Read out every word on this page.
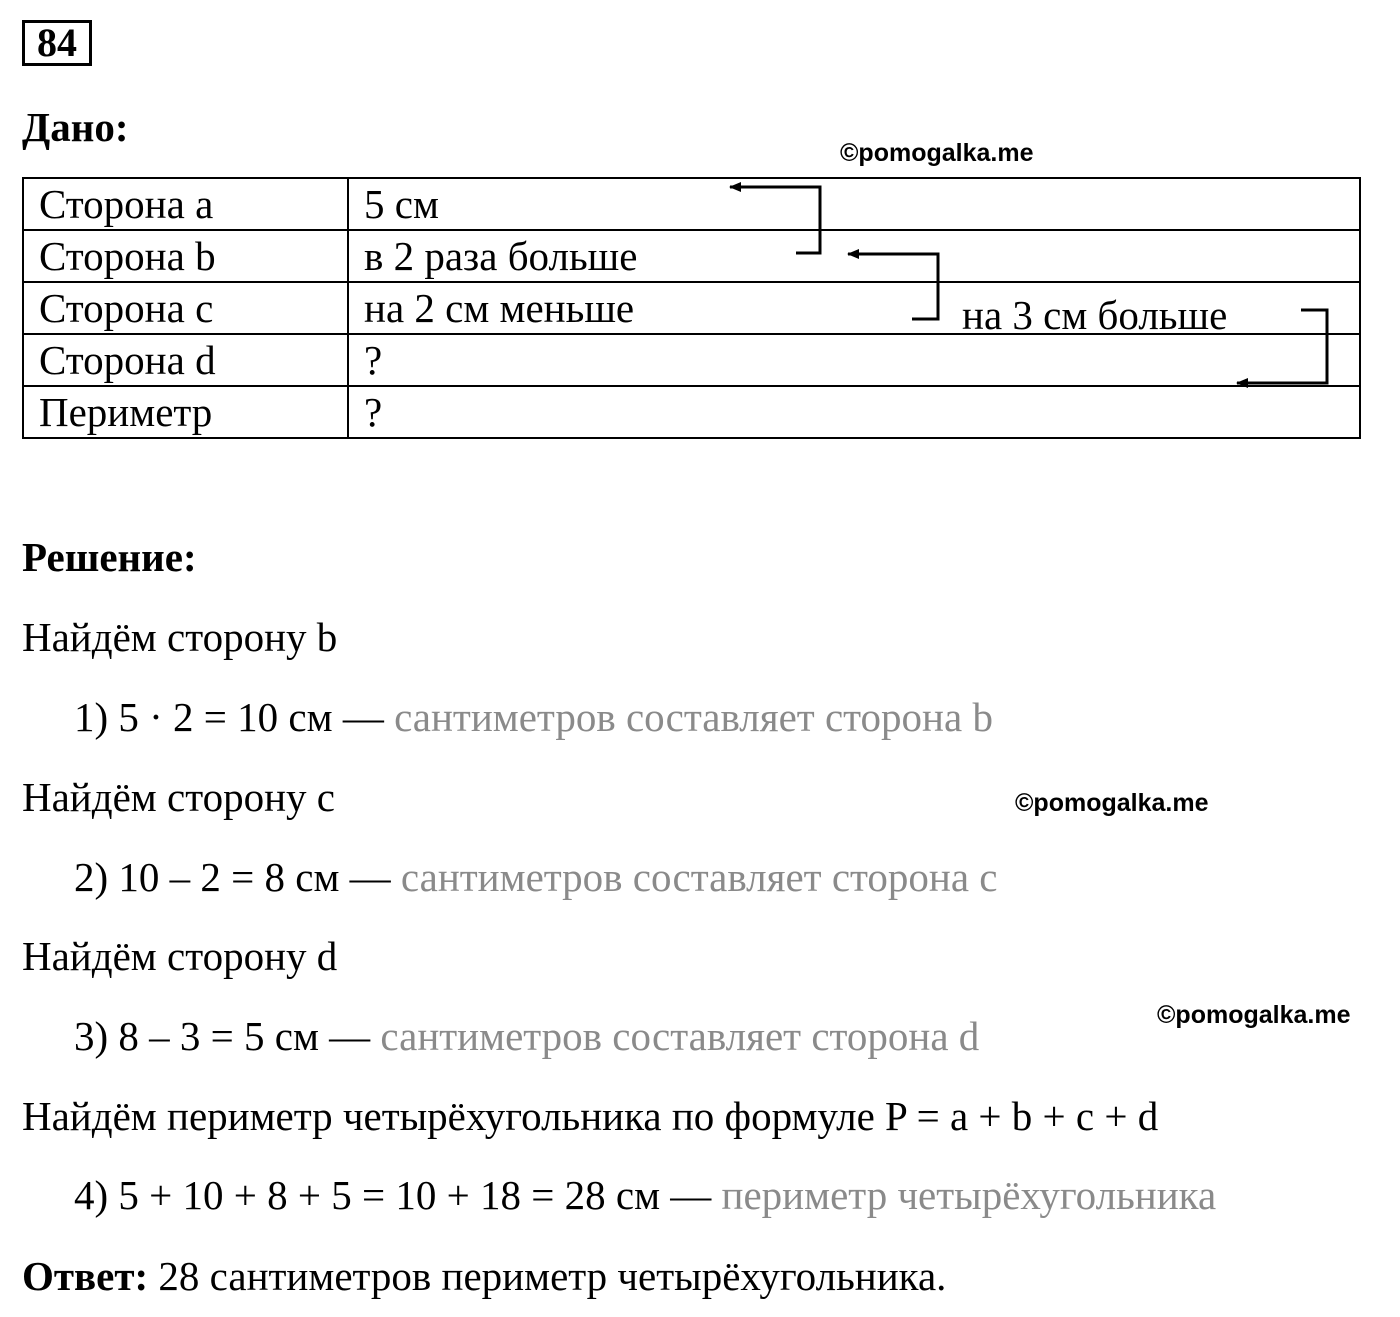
84
Дано:
©pomogalka.me
Сторона a	5 см
Сторона b	в 2 раза больше
Сторона c	на 2 см меньше
Сторона d	?
Периметр	?
на 3 см больше
Решение:
Найдём сторону b
1) 5 · 2 = 10 см — сантиметров составляет сторона b
Найдём сторону c	©pomogalka.me
2) 10 – 2 = 8 см — сантиметров составляет сторона c
Найдём сторону d
©pomogalka.me
3) 8 – 3 = 5 см — сантиметров составляет сторона d
Найдём периметр четырёхугольника по формуле P = a + b + c + d
4) 5 + 10 + 8 + 5 = 10 + 18 = 28 см — периметр четырёхугольника
Ответ: 28 сантиметров периметр четырёхугольника.
